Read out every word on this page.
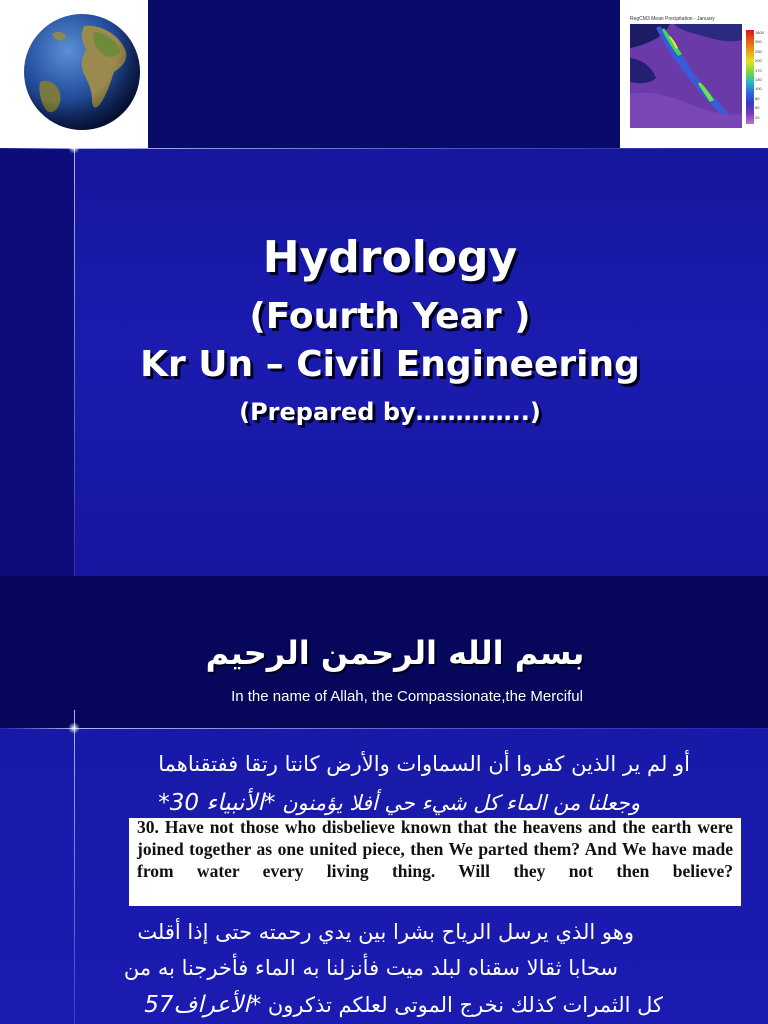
RegCM3 Mean Precipitation - January
1800
300
250
200
170
130
100
80
50
20
Hydrology
(Fourth Year )
Kr Un – Civil Engineering
(Prepared by…………..)
بسم الله الرحمن الرحيم
In the name of Allah, the Compassionate,the Merciful
أو لم ير الذين كفروا أن السماوات والأرض كانتا رتقا ففتقناهما
وجعلنا من الماء كل شيء حي أفلا يؤمنون *الأنبياء 30*
30. Have not those who disbelieve known that the heavens and the earth were joined together as one united piece, then We parted them? And We have made from water every living thing. Will they not then believe?
وهو الذي يرسل الرياح بشرا بين يدي رحمته حتى إذا أقلت
سحابا ثقالا سقناه لبلد ميت فأنزلنا به الماء فأخرجنا به من
كل الثمرات كذلك نخرج الموتى لعلكم تذكرون *الأعراف57
